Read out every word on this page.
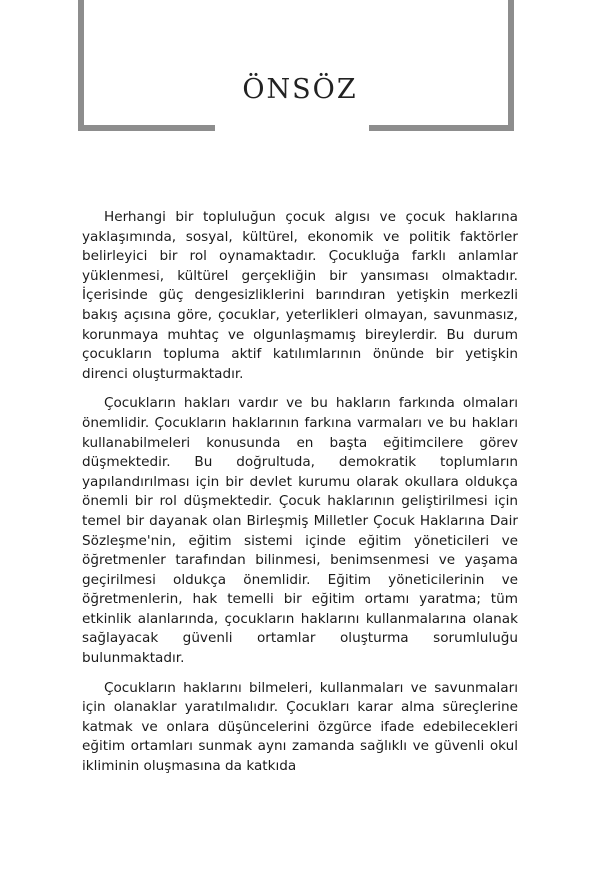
ÖNSÖZ

Herhangi bir topluluğun çocuk algısı ve çocuk haklarına yaklaşımında, sosyal, kültürel, ekonomik ve politik faktörler belirleyici bir rol oynamaktadır. Çocukluğa farklı anlamlar yüklenmesi, kültürel gerçekliğin bir yansıması olmaktadır. İçerisinde güç dengesizliklerini barındıran yetişkin merkezli bakış açısına göre, çocuklar, yeterlikleri olmayan, savunmasız, korunmaya muhtaç ve olgunlaşmamış bireylerdir. Bu durum çocukların topluma aktif katılımlarının önünde bir yetişkin direnci oluşturmaktadır.

Çocukların hakları vardır ve bu hakların farkında olmaları önemlidir. Çocukların haklarının farkına varmaları ve bu hakları kullanabilmeleri konusunda en başta eğitimcilere görev düşmektedir. Bu doğrultuda, demokratik toplumların yapılandırılması için bir devlet kurumu olarak okullara oldukça önemli bir rol düşmektedir. Çocuk haklarının geliştirilmesi için temel bir dayanak olan Birleşmiş Milletler Çocuk Haklarına Dair Sözleşme'nin, eğitim sistemi içinde eğitim yöneticileri ve öğretmenler tarafından bilinmesi, benimsenmesi ve yaşama geçirilmesi oldukça önemlidir. Eğitim yöneticilerinin ve öğretmenlerin, hak temelli bir eğitim ortamı yaratma; tüm etkinlik alanlarında, çocukların haklarını kullanmalarına olanak sağlayacak güvenli ortamlar oluşturma sorumluluğu bulunmaktadır.

Çocukların haklarını bilmeleri, kullanmaları ve savunmaları için olanaklar yaratılmalıdır. Çocukları karar alma süreçlerine katmak ve onlara düşüncelerini özgürce ifade edebilecekleri eğitim ortamları sunmak aynı zamanda sağlıklı ve güvenli okul ikliminin oluşmasına da katkıda
